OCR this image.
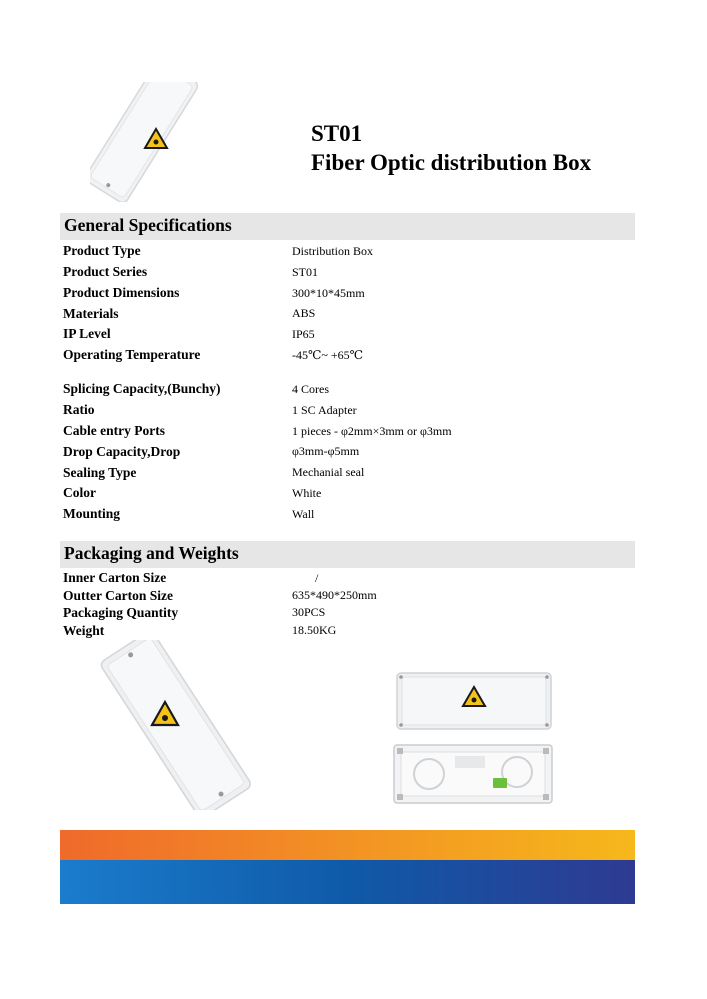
ST01
Fiber Optic distribution Box
General Specifications
Product Type	Distribution Box
Product Series	ST01
Product Dimensions	300*10*45mm
Materials	ABS
IP Level	IP65
Operating Temperature	-45℃~ +65℃
Splicing Capacity,(Bunchy)	4 Cores
Ratio	1 SC Adapter
Cable entry Ports	1 pieces - φ2mm×3mm or φ3mm
Drop Capacity,Drop	φ3mm-φ5mm
Sealing Type	Mechanial seal
Color	White
Mounting	Wall
Packaging and Weights
Inner Carton Size	/
Outter Carton Size	635*490*250mm
Packaging Quantity	30PCS
Weight	18.50KG
